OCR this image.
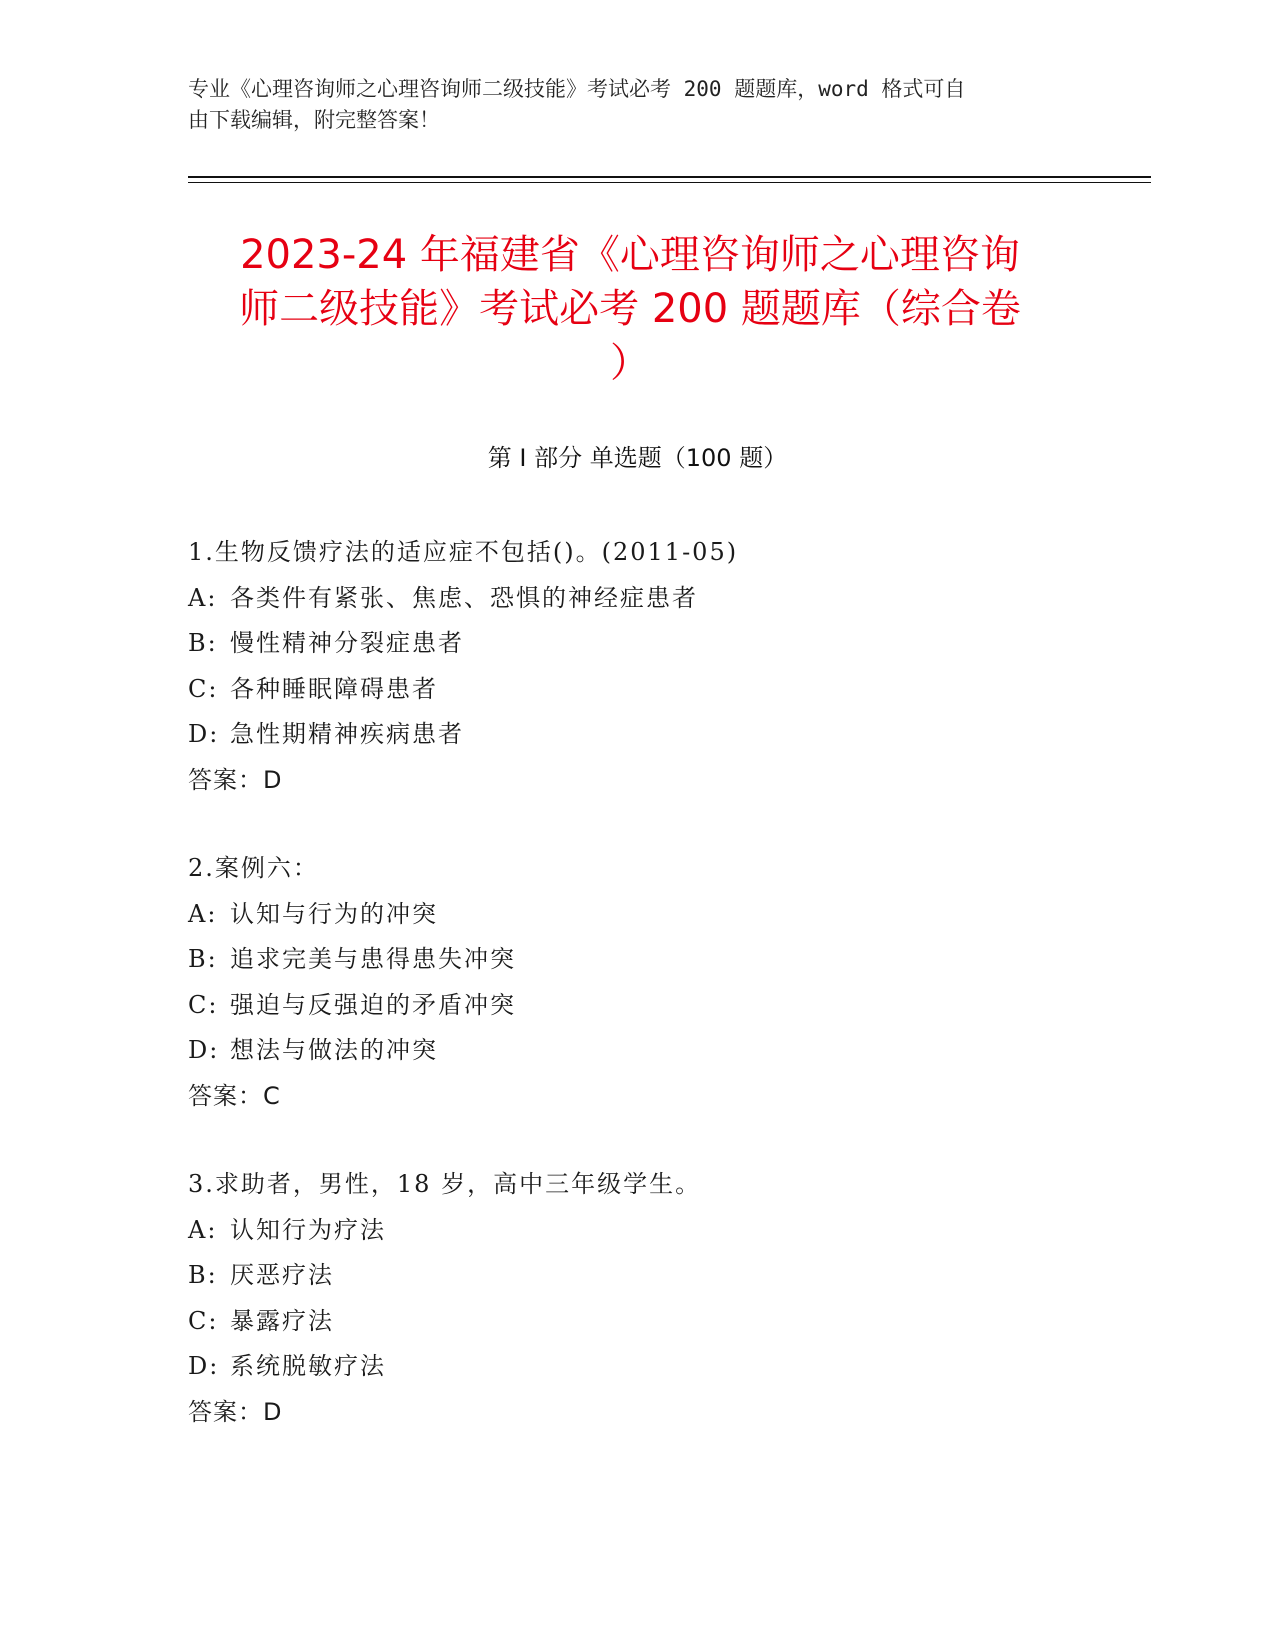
专业《心理咨询师之心理咨询师二级技能》考试必考 200 题题库，word 格式可自
由下载编辑，附完整答案！
2023-24 年福建省《心理咨询师之心理咨询
师二级技能》考试必考 200 题题库（综合卷
）
第 I 部分 单选题（100 题）
1.生物反馈疗法的适应症不包括()。(2011-05)
A: 各类件有紧张、焦虑、恐惧的神经症患者
B: 慢性精神分裂症患者
C: 各种睡眠障碍患者
D: 急性期精神疾病患者
答案：D
2.案例六：
A: 认知与行为的冲突
B: 追求完美与患得患失冲突
C: 强迫与反强迫的矛盾冲突
D: 想法与做法的冲突
答案：C
3.求助者，男性，18 岁，高中三年级学生。
A: 认知行为疗法
B: 厌恶疗法
C: 暴露疗法
D: 系统脱敏疗法
答案：D
